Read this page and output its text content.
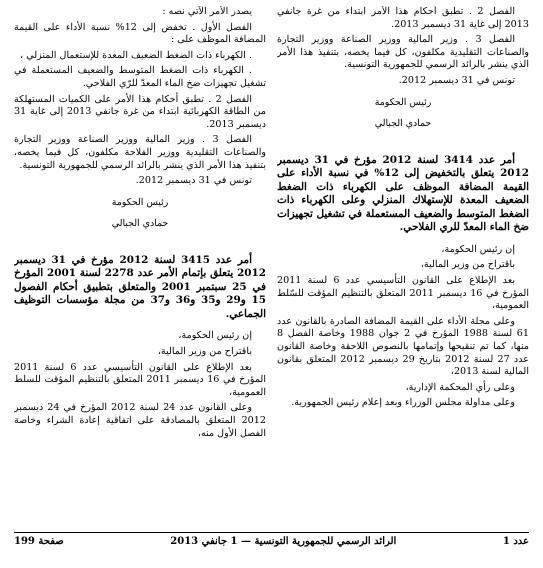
الفصل 2 . تطبق أحكام هذا الأمر ابتداء من غرة جانفي 2013 إلى غاية 31 ديسمبر 2013.

الفصل 3 . وزير المالية ووزير الصناعة ووزير التجارة والصناعات التقليدية مكلفون، كل فيما يخصه، بتنفيذ هذا الأمر الذي ينشر بالرائد الرسمي للجمهورية التونسية.

تونس في 31 ديسمبر 2012.

رئيس الحكومة

حمادي الجبالي

أمر عدد 3414 لسنة 2012 مؤرخ في 31 ديسمبر 2012 يتعلق بالتخفيض إلى 12% في نسبة الأداء على القيمة المضافة الموظف على الكهرباء ذات الضغط الضعيف المعدة للإستهلاك المنزلي وعلى الكهرباء ذات الضغط المتوسط والضعيف المستعملة في تشغيل تجهيزات ضخ الماء المعدّ للري الفلاحي.

إن رئيس الحكومة،

باقتراح من وزير المالية،

بعد الإطلاع على القانون التأسيسي عدد 6 لسنة 2011 المؤرخ في 16 ديسمبر 2011 المتعلق بالتنظيم المؤقت للسّلط العمومية،

وعلى مجلة الأداء على القيمة المضافة الصادرة بالقانون عدد 61 لسنة 1988 المؤرخ في 2 جوان 1988 وخاصة الفصل 8 منها، كما تم تنقيحها وإتمامها بالنصوص اللاحقة وخاصة القانون عدد 27 لسنة 2012 بتاريخ 29 ديسمبر 2012 المتعلق بقانون المالية لسنة 2013،

وعلى رأي المحكمة الإدارية،

وعلى مداولة مجلس الوزراء وبعد إعلام رئيس الجمهورية.

يصدر الأمر الآتي نصه :

الفصل الأول . تخفض إلى 12% نسبة الأداء على القيمة المضافة الموظف على :

. الكهرباء ذات الضغط الضعيف المعدة للإستعمال المنزلي ،

. الكهرباء ذات الضغط المتوسط والضعيف المستعملة في تشغيل تجهيزات ضخ الماء المعدّ للرّي الفلاحي.

الفصل 2 . تطبق أحكام هذا الأمر على الكميات المستهلكة من الطاقة الكهربائية ابتداء من غرة جانفي 2013 إلى غاية 31 ديسمبر 2013.

الفصل 3 . وزير المالية ووزير الصناعة ووزير التجارة والصناعات التقليدية ووزير الفلاحة مكلفون، كل فيما يخصه، بتنفيذ هذا الأمر الذي ينشر بالرائد الرسمي للجمهورية التونسية.

تونس في 31 ديسمبر 2012.

رئيس الحكومة

حمادي الجبالي

أمر عدد 3415 لسنة 2012 مؤرخ في 31 ديسمبر 2012 يتعلق بإتمام الأمر عدد 2278 لسنة 2001 المؤرخ في 25 سبتمبر 2001 والمتعلق بتطبيق أحكام الفصول 15 و29 و35 و36 و37 من مجلة مؤسسات التوظيف الجماعي.

إن رئيس الحكومة،

باقتراح من وزير المالية،

بعد الإطلاع على القانون التأسيسي عدد 6 لسنة 2011 المؤرخ في 16 ديسمبر 2011 المتعلق بالتنظيم المؤقت للسلط العمومية،

وعلى القانون عدد 24 لسنة 2012 المؤرخ في 24 ديسمبر 2012 المتعلق بالمصادقة على اتفاقية إعادة الشراء وخاصة الفصل الأول منه،

عدد 1
الرائد الرسمي للجمهورية التونسية — 1 جانفي 2013
صفحة 199
